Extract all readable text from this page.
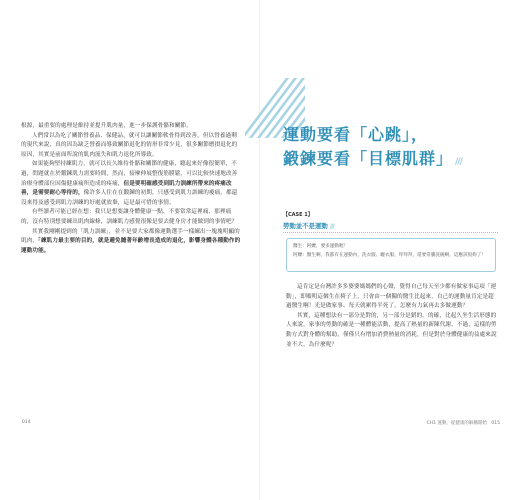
根源，最重要的處理是維持並提升肌肉量，進一步保護骨骼和關節。

人們常以為吃了關節營養品、保健品，就可以讓關節軟骨得到改善，但以營養過剩的現代來說，真的因為缺乏營養而導致關節退化的情形非常少見，很多關節磨損退化的原因，其實是前面所說的肌肉流失和肌力退化所導致。

如果能夠堅持練肌力，就可以長久維持骨骼和關節的健康，聽起來好像很簡單，不過，問題就在於鍛鍊肌力需要時間，然而，接摩伸展整復筋膜鬆，可以比較快速地改善治療身體部位因傷健康痛所造成的疼痛，但是要明確感受到肌力訓練所帶來的疼痛改善，是需要耐心等待的，像許多人住在在鍛鍊的初期，只感受到肌力訓練的痠痛，都還沒來得及感受到肌力訓練的好處就放棄，這是最可惜的事情。

有些讀者可能已經在想：我只是想要讓身體健康一點，不要常常這裡痛、那裡痛的，沒有特別想要練出肌肉線條，訓練肌力感覺很像是要去健身房才能做到的事情吧？

其實我剛剛提到的「肌力訓練」，並不是要大家都像運動選手一樣練出一塊塊明顯的肌肉，「練肌力最主要的目的，就是避免隨著年齡增長造成的退化，影響身體各種動作的運動功能。

014
運動要看「心跳」，
鍛鍊要看「目標肌群」 ///
【CASE 1】
勞動並不是運動 ///

醫生：阿嬤，要多運動喔！

阿嬤：醫生啊，我都有在運動內，洗衣服、曬衣服、拜拜拜，還要常騰洗碗啊，這應該很夠了！

這肯定是台灣許多多婆婆媽媽們的心聲，覺得自己每天至少都有做家事這項「運動」，即順明這個生在椅子上，只會由一個獨的醫生比起來，自己的運動量肯定是超過醫生啊！光是做家事、每天就累得半死了，怎麼有力氣再去多做運動？

其實，這種想法有一部分是對的，另一部分是錯的。的確，比起久坐生活形態的人來說，家事的勞動的確是一種體能活動，提高了熱量的新陳代謝，不過，這樣的勞動方式對身體的幫助，僅僅只有增加消費熱量的消耗，但是對於身體健康的益處來說並不大，為什麼呢？

CH1 運動，從健康的解構開始　015
